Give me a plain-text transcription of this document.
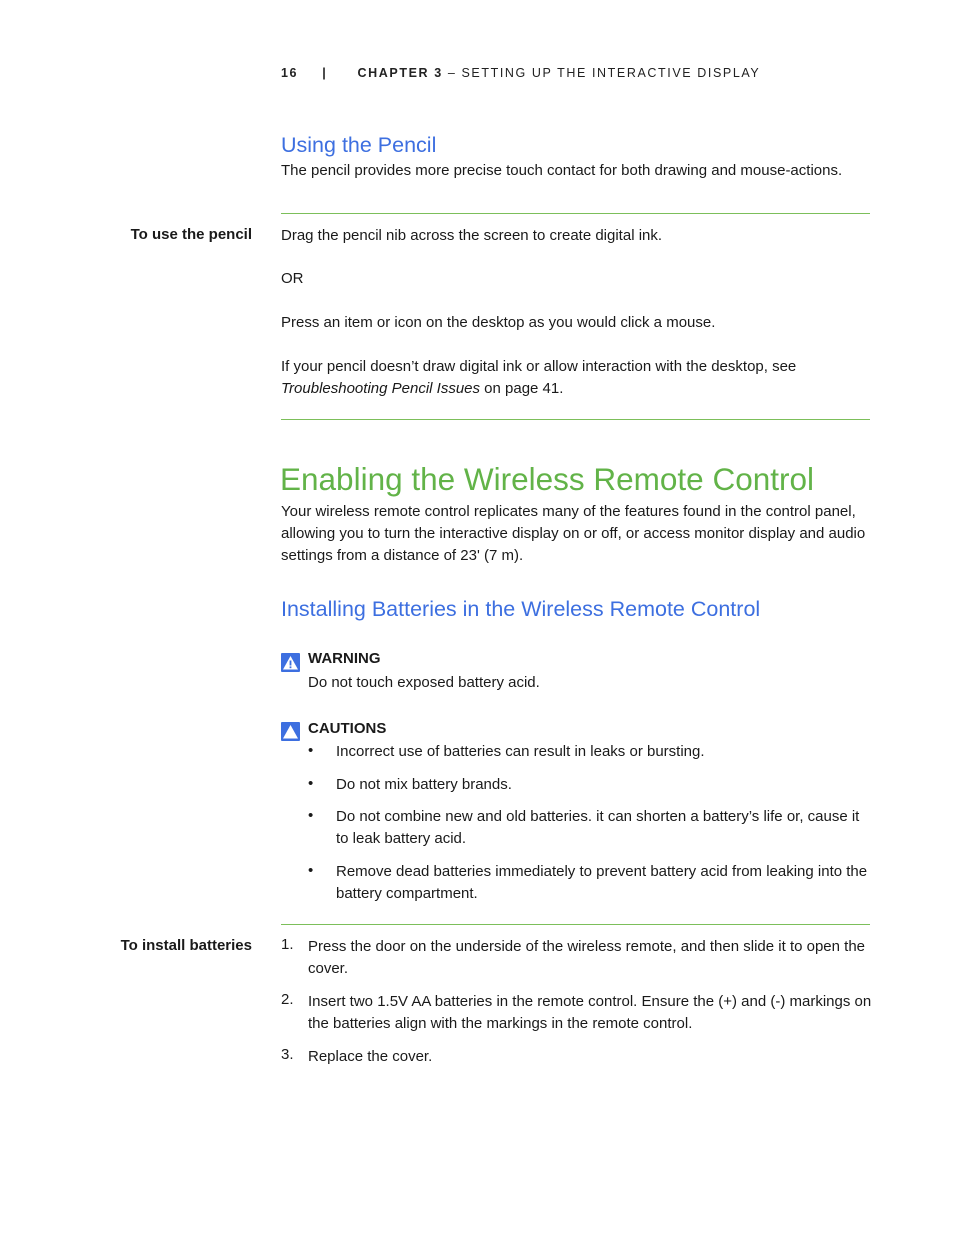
16 | CHAPTER 3 – SETTING UP THE INTERACTIVE DISPLAY
Using the Pencil
The pencil provides more precise touch contact for both drawing and mouse-actions.
To use the pencil Drag the pencil nib across the screen to create digital ink.
OR
Press an item or icon on the desktop as you would click a mouse.
If your pencil doesn’t draw digital ink or allow interaction with the desktop, see
Troubleshooting Pencil Issues on page 41.
Enabling the Wireless Remote Control
Your wireless remote control replicates many of the features found in the control panel, allowing you to turn the interactive display on or off, or access monitor display and audio settings from a distance of 23' (7 m).
Installing Batteries in the Wireless Remote Control
WARNING
Do not touch exposed battery acid.
CAUTIONS
• Incorrect use of batteries can result in leaks or bursting.
• Do not mix battery brands.
• Do not combine new and old batteries. it can shorten a battery’s life or, cause it to leak battery acid.
• Remove dead batteries immediately to prevent battery acid from leaking into the battery compartment.
To install batteries 1. Press the door on the underside of the wireless remote, and then slide it to open the cover.
2. Insert two 1.5V AA batteries in the remote control. Ensure the (+) and (-) markings on the batteries align with the markings in the remote control.
3. Replace the cover.
